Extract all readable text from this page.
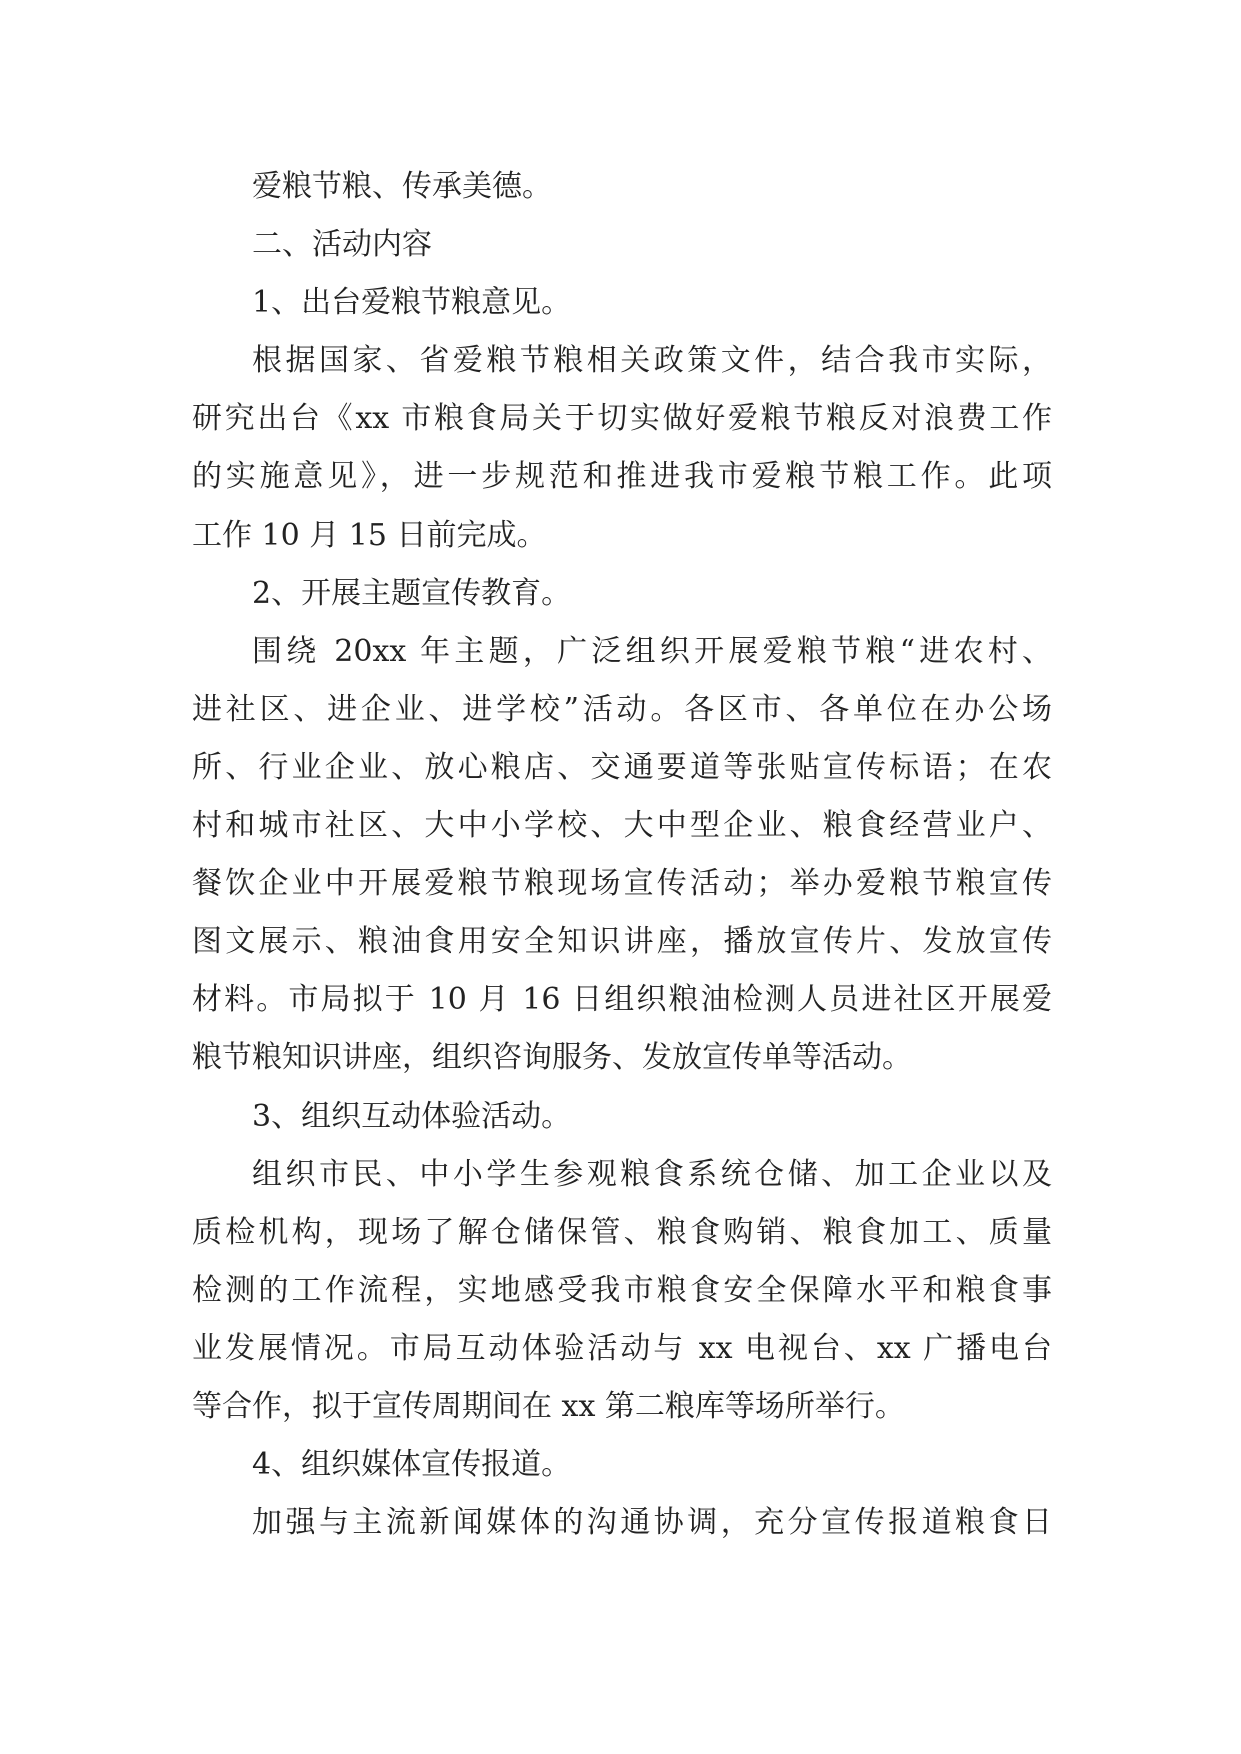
爱粮节粮、传承美德。
二、活动内容
1、出台爱粮节粮意见。
根据国家、省爱粮节粮相关政策文件，结合我市实际，
研究出台《xx 市粮食局关于切实做好爱粮节粮反对浪费工作
的实施意见》，进一步规范和推进我市爱粮节粮工作。此项
工作 10 月 15 日前完成。
2、开展主题宣传教育。
围绕 20xx 年主题，广泛组织开展爱粮节粮“进农村、
进社区、进企业、进学校”活动。各区市、各单位在办公场
所、行业企业、放心粮店、交通要道等张贴宣传标语；在农
村和城市社区、大中小学校、大中型企业、粮食经营业户、
餐饮企业中开展爱粮节粮现场宣传活动；举办爱粮节粮宣传
图文展示、粮油食用安全知识讲座，播放宣传片、发放宣传
材料。市局拟于 10 月 16 日组织粮油检测人员进社区开展爱
粮节粮知识讲座，组织咨询服务、发放宣传单等活动。
3、组织互动体验活动。
组织市民、中小学生参观粮食系统仓储、加工企业以及
质检机构，现场了解仓储保管、粮食购销、粮食加工、质量
检测的工作流程，实地感受我市粮食安全保障水平和粮食事
业发展情况。市局互动体验活动与 xx 电视台、xx 广播电台
等合作，拟于宣传周期间在 xx 第二粮库等场所举行。
4、组织媒体宣传报道。
加强与主流新闻媒体的沟通协调，充分宣传报道粮食日
